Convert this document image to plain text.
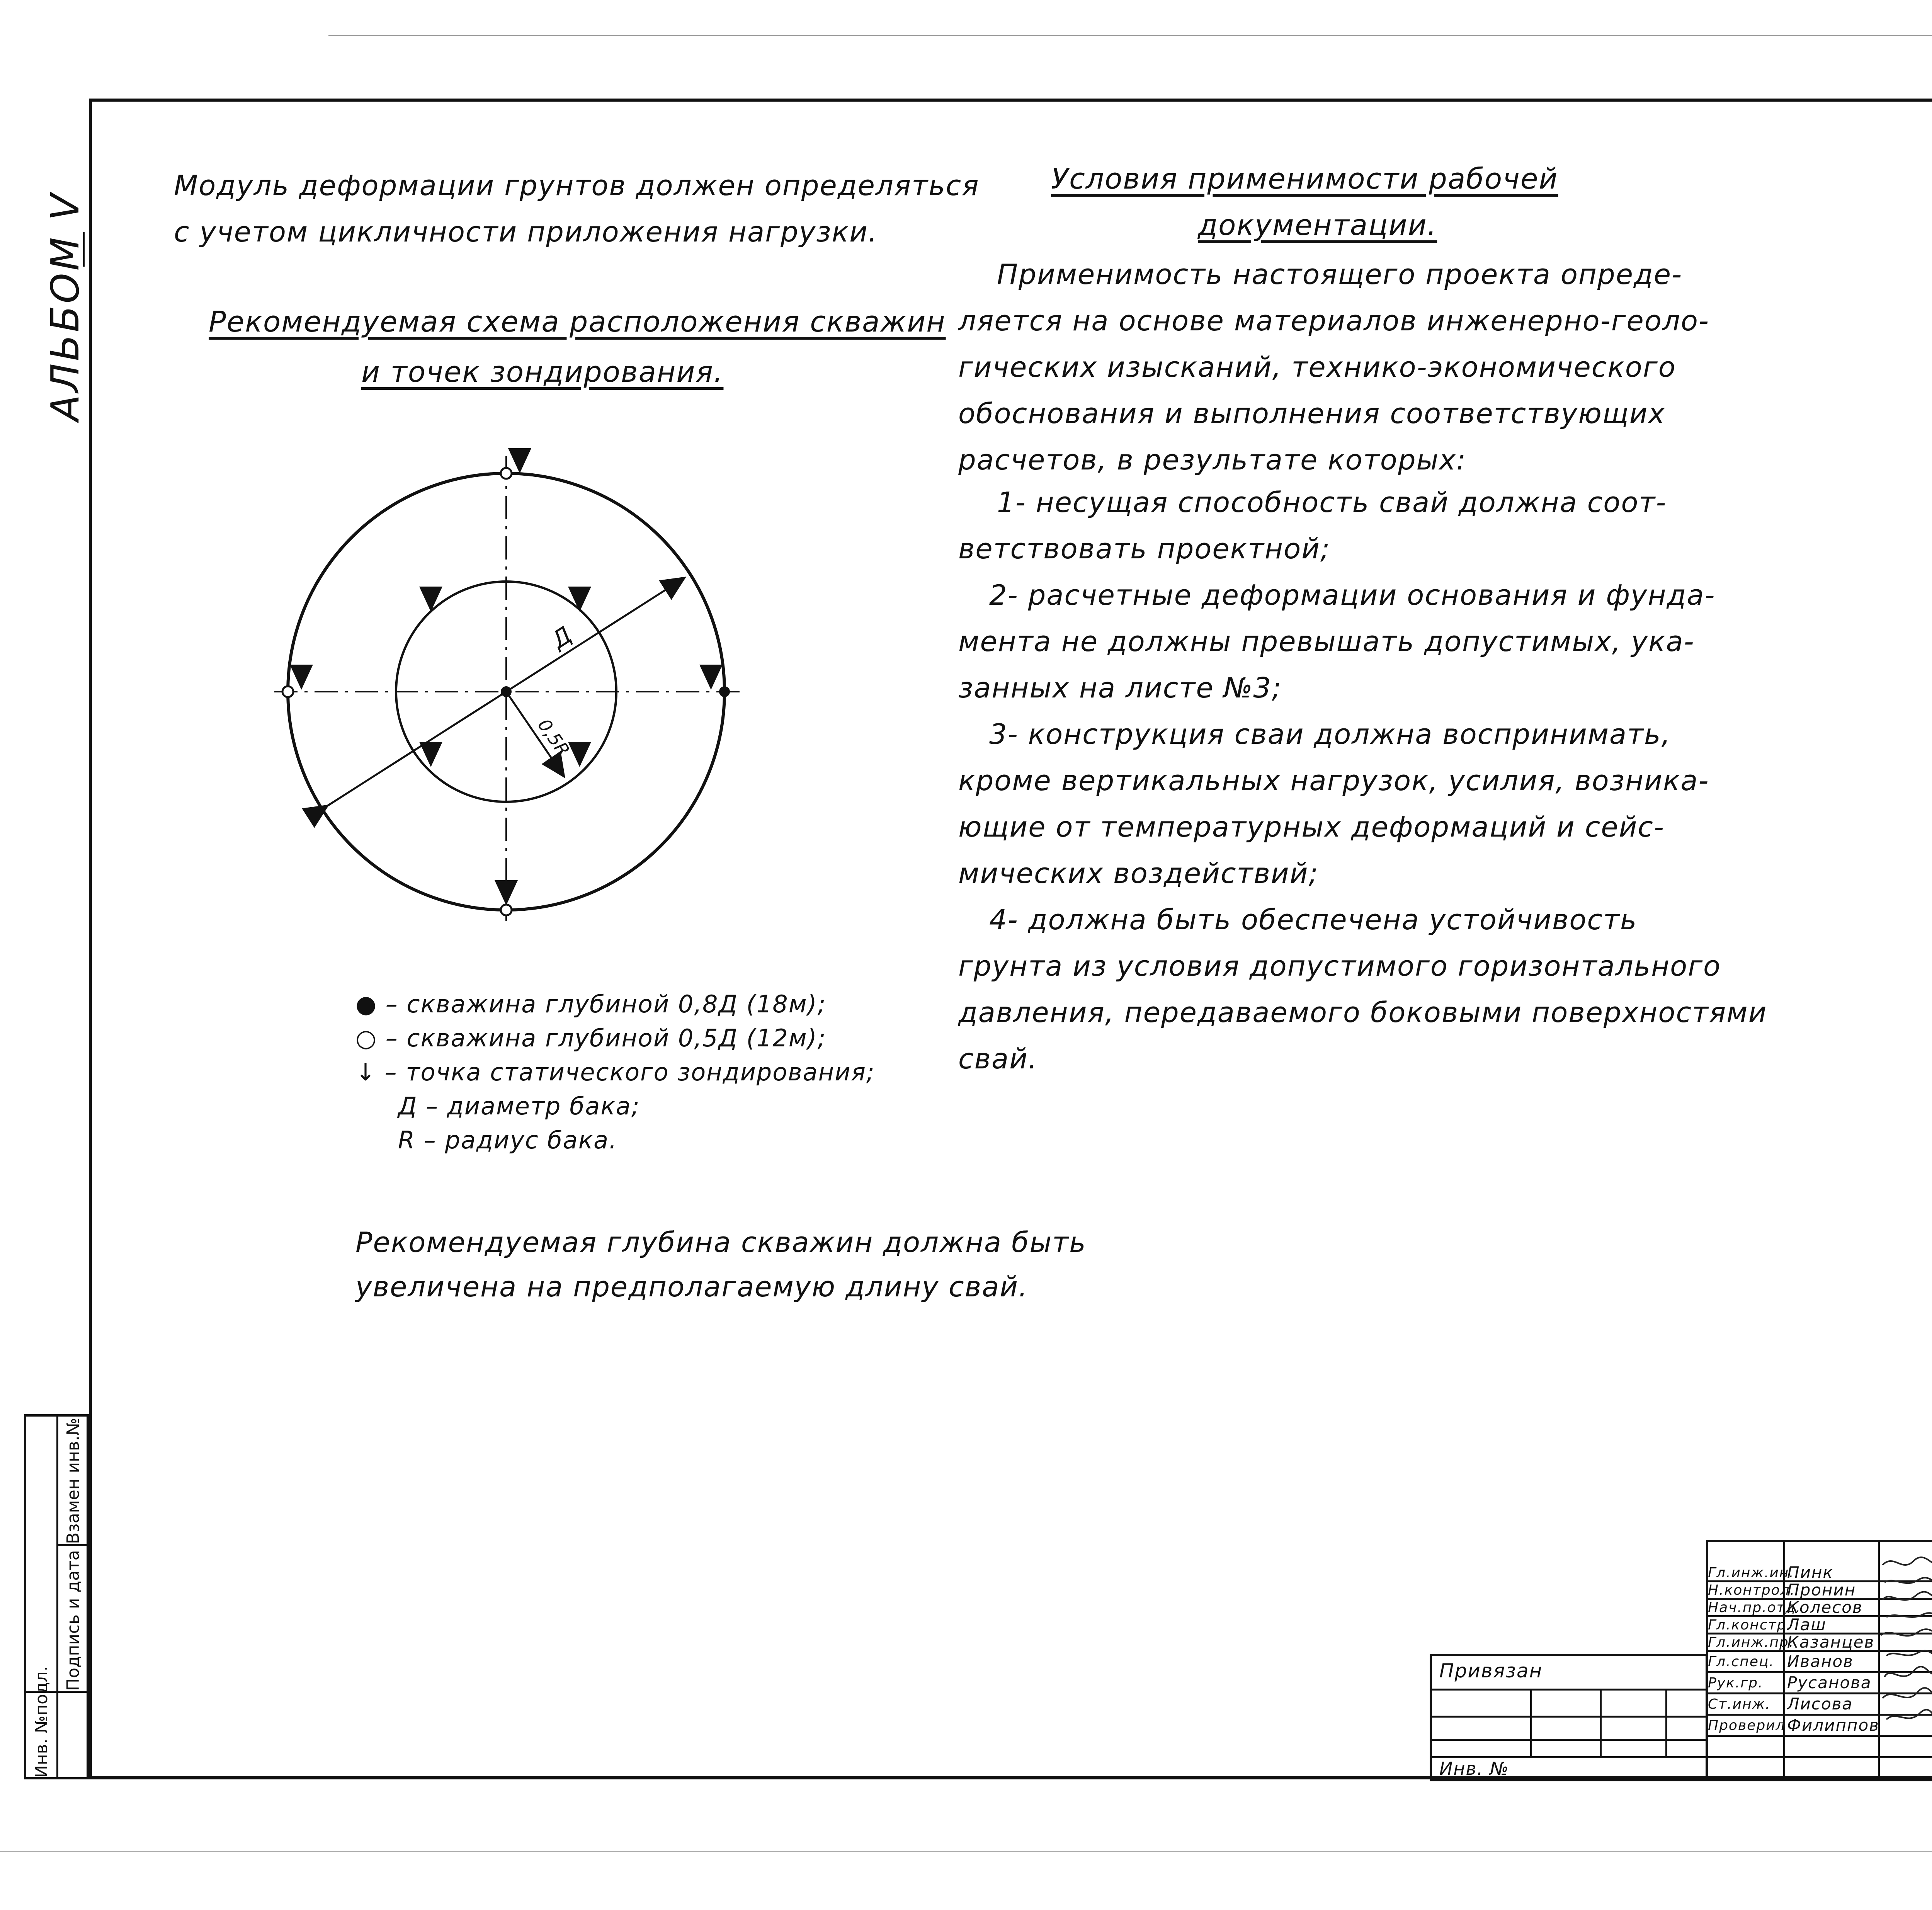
АЛЬБОМ V
Инв. №подл.
Подпись и дата
Взамен инв.№
Модуль деформации грунтов должен определяться
с учетом цикличности приложения нагрузки.
Рекомендуемая схема расположения скважин
и точек зондирования.
Д
0,5R
● – скважина глубиной 0,8Д (18м);
○ – скважина глубиной 0,5Д (12м);
↓ – точка статического зондирования;
Д – диаметр бака;
R – радиус бака.
Рекомендуемая глубина скважин должна быть
увеличена на предполагаемую длину свай.
Условия применимости рабочей
документации.
Применимость настоящего проекта опреде-
ляется на основе материалов инженерно-геоло-
гических изысканий, технико-экономического
обоснования и выполнения соответствующих
расчетов, в результате которых:
1- несущая способность свай должна соот-
ветствовать проектной;
2- расчетные деформации основания и фунда-
мента не должны превышать допустимых, ука-
занных на листе №3;
3- конструкция сваи должна воспринимать,
кроме вертикальных нагрузок, усилия, возника-
ющие от температурных деформаций и сейс-
мических воздействий;
4- должна быть обеспечена устойчивость
грунта из условия допустимого горизонтального
давления, передаваемого боковыми поверхностями
свай.
Привязан
Инв. №
Гл.инж.ин.
Н.контрол.
Нач.пр.отд.
Гл.констр.
Гл.инж.пр.
Гл.спец.
Рук.гр.
Ст.инж.
Проверил
Пинк
Пронин
Колесов
Лаш
Казанцев
Иванов
Русанова
Лисова
Филиппов
